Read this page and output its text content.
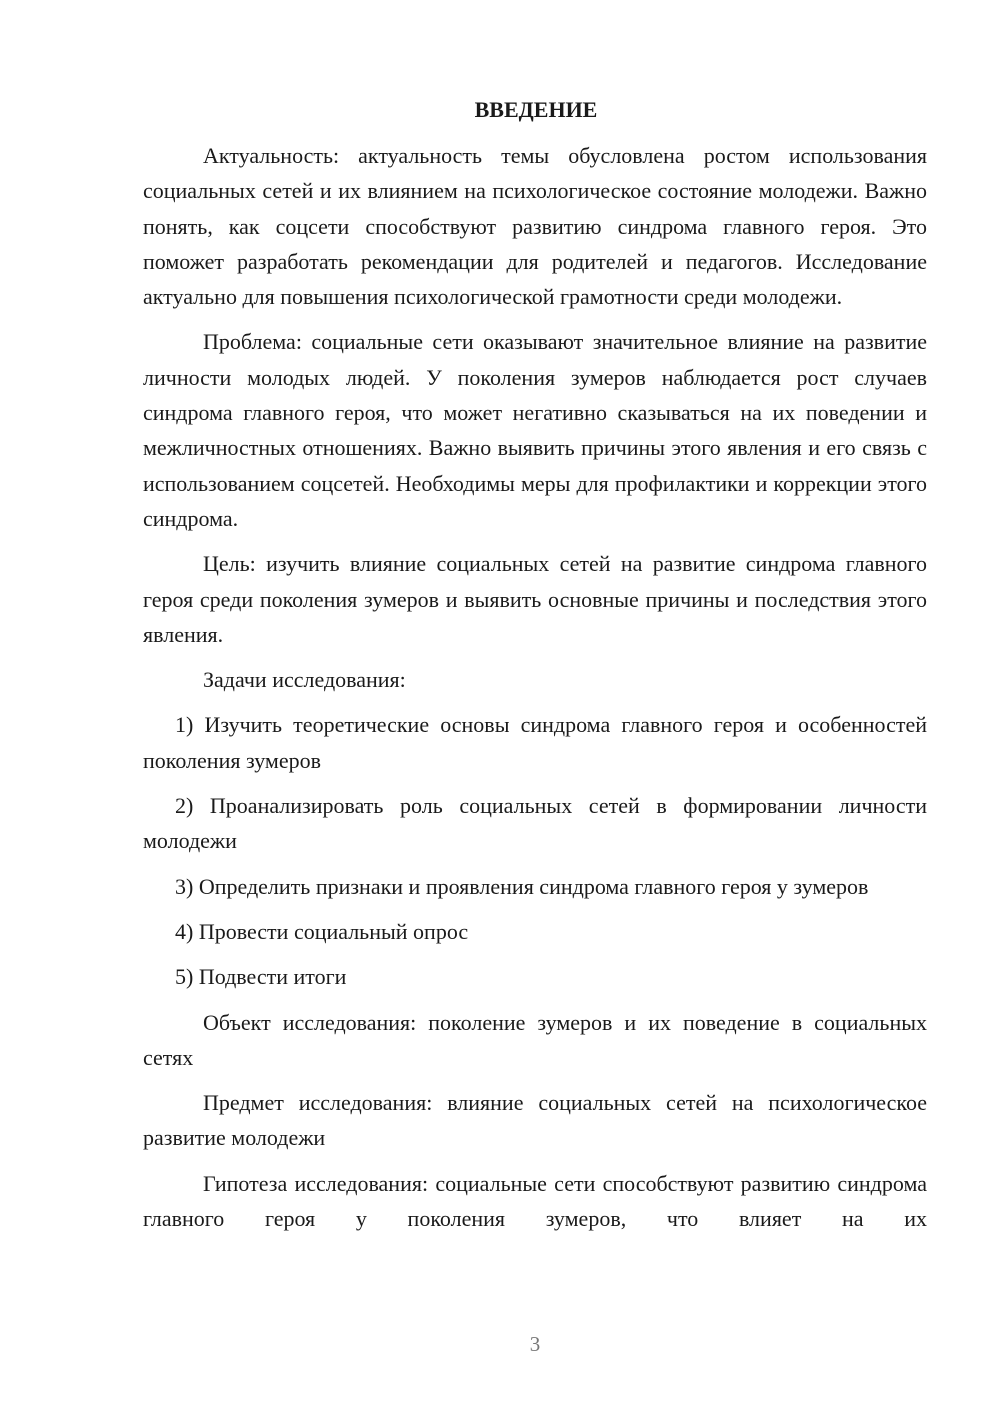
ВВЕДЕНИЕ

Актуальность: актуальность темы обусловлена ростом использования социальных сетей и их влиянием на психологическое состояние молодежи. Важно понять, как соцсети способствуют развитию синдрома главного героя. Это поможет разработать рекомендации для родителей и педагогов. Исследование актуально для повышения психологической грамотности среди молодежи.

Проблема: социальные сети оказывают значительное влияние на развитие личности молодых людей. У поколения зумеров наблюдается рост случаев синдрома главного героя, что может негативно сказываться на их поведении и межличностных отношениях. Важно выявить причины этого явления и его связь с использованием соцсетей. Необходимы меры для профилактики и коррекции этого синдрома.

Цель: изучить влияние социальных сетей на развитие синдрома главного героя среди поколения зумеров и выявить основные причины и последствия этого явления.

Задачи исследования:

1) Изучить теоретические основы синдрома главного героя и особенностей поколения зумеров

2) Проанализировать роль социальных сетей в формировании личности молодежи

3) Определить признаки и проявления синдрома главного героя у зумеров

4) Провести социальный опрос

5) Подвести итоги

Объект исследования: поколение зумеров и их поведение в социальных сетях

Предмет исследования: влияние социальных сетей на психологическое развитие молодежи

Гипотеза исследования: социальные сети способствуют развитию синдрома главного героя у поколения зумеров, что влияет на их

3
